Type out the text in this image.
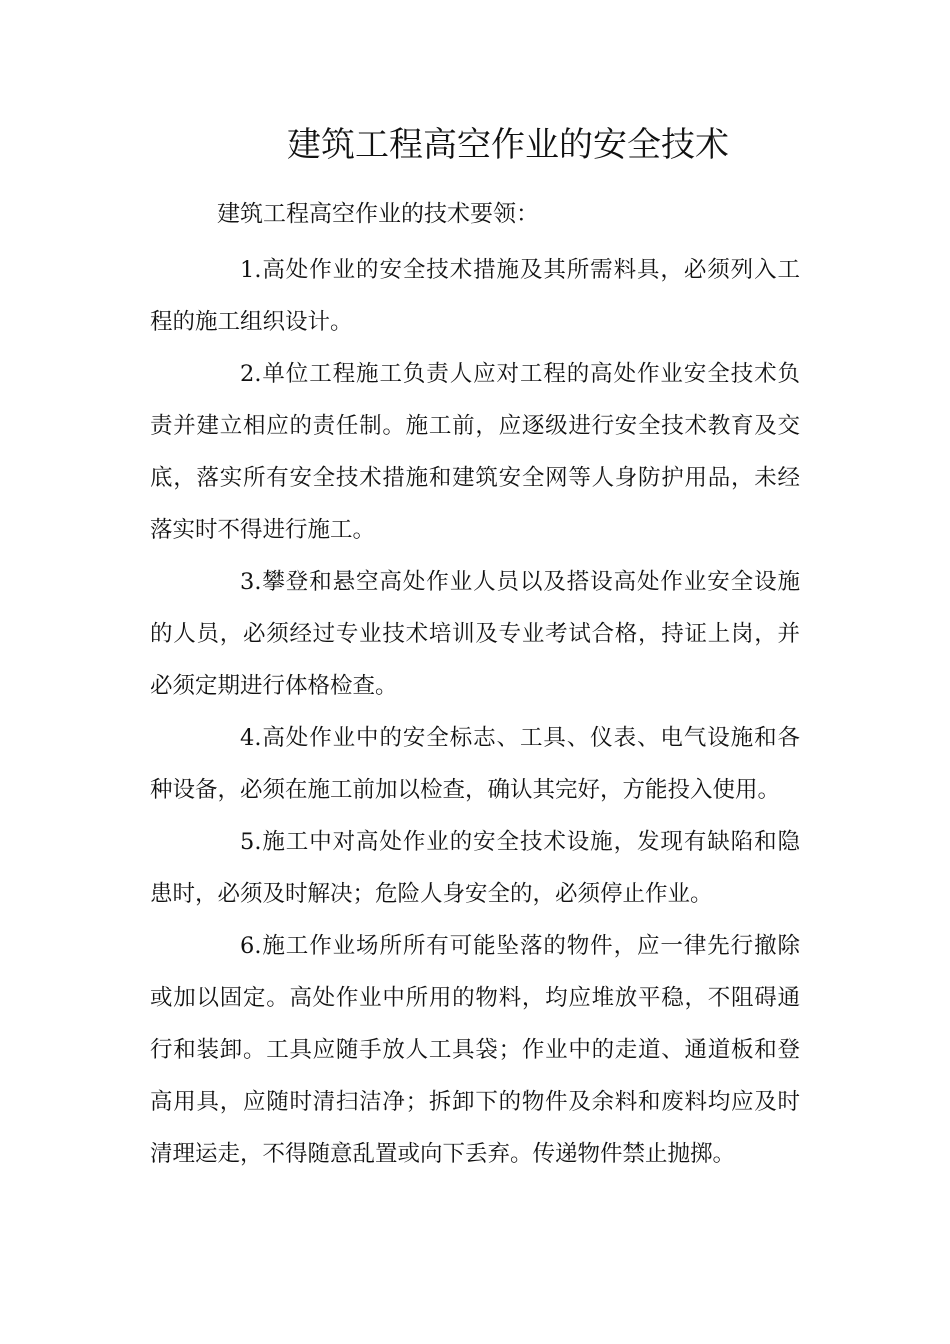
建筑工程高空作业的安全技术

建筑工程高空作业的技术要领：

1.高处作业的安全技术措施及其所需料具，必须列入工程的施工组织设计。

2.单位工程施工负责人应对工程的高处作业安全技术负责并建立相应的责任制。施工前，应逐级进行安全技术教育及交底，落实所有安全技术措施和建筑安全网等人身防护用品，未经落实时不得进行施工。

3.攀登和悬空高处作业人员以及搭设高处作业安全设施的人员，必须经过专业技术培训及专业考试合格，持证上岗，并必须定期进行体格检查。

4.高处作业中的安全标志、工具、仪表、电气设施和各种设备，必须在施工前加以检查，确认其完好，方能投入使用。

5.施工中对高处作业的安全技术设施，发现有缺陷和隐患时，必须及时解决；危险人身安全的，必须停止作业。

6.施工作业场所所有可能坠落的物件，应一律先行撤除或加以固定。高处作业中所用的物料，均应堆放平稳，不阻碍通行和装卸。工具应随手放人工具袋；作业中的走道、通道板和登高用具，应随时清扫洁净；拆卸下的物件及余料和废料均应及时清理运走，不得随意乱置或向下丢弃。传递物件禁止抛掷。
